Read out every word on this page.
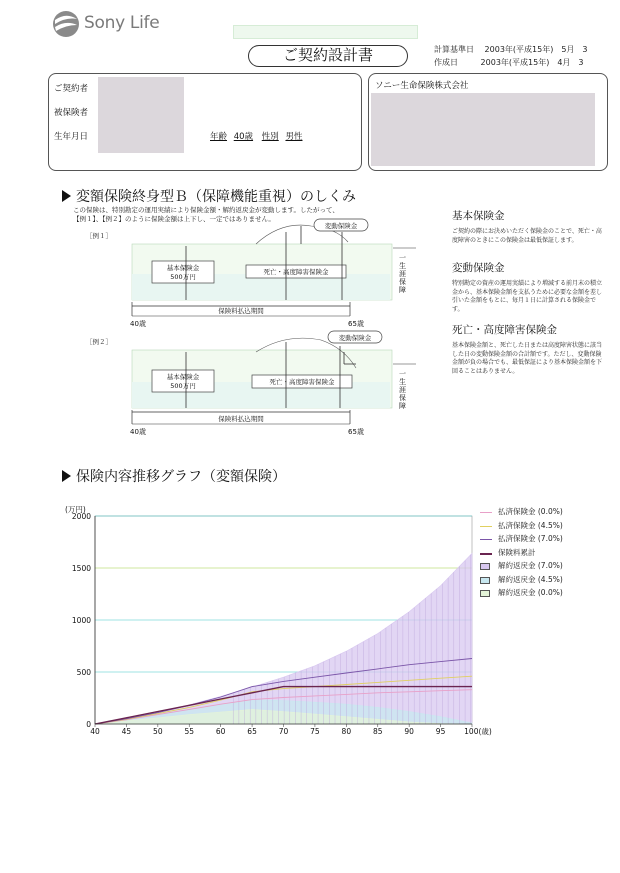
Sony Life
ご契約設計書	計算基準日 2003年(平成15年)　5月　3
作成日	2003年(平成15年)　4月　3
ご契約者
被保険者
生年月日	年齢 40歳 性別 男性
ソニー生命保険株式会社
変額保険終身型Ｂ（保障機能重視）のしくみ
この保険は、特別勘定の運用実績により保険金額・解約返戻金が変動します。したがって、
【例１】、【例２】のように保険金額は上下し、一定ではありません。
［例１］
基本保険金
500万円
死亡・高度障害保険金
変動保険金
保険料払込期間
40歳	65歳
一生涯保障
［例２］
基本保険金
500万円	死亡・高度障害保険金
変動保険金
保険料払込期間
40歳	65歳
一生涯保障
基本保険金
ご契約の際にお決めいただく保険金のことで、死亡・高度障害のときにこの保険金は最低保証します。
変動保険金
特別勘定の資産の運用実績により増減する前月末の積立金から、基本保険金額を支払うために必要な金額を差し引いた金額をもとに、毎月１日に計算される保険金です。
死亡・高度障害保険金
基本保険金額と、死亡した日または高度障害状態に該当した日の変動保険金額の合計額です。ただし、変動保険金額が負の場合でも、最低保証により基本保険金額を下回ることはありません。
保険内容推移グラフ（変額保険）
0
500
1000
1500
2000
(万円)
40	45	50	55	60	65	70	75	80	85	90	95	100(歳)
払済保険金 (0.0%)
払済保険金 (4.5%)
払済保険金 (7.0%)
保険料累計
解約返戻金 (7.0%)
解約返戻金 (4.5%)
解約返戻金 (0.0%)
